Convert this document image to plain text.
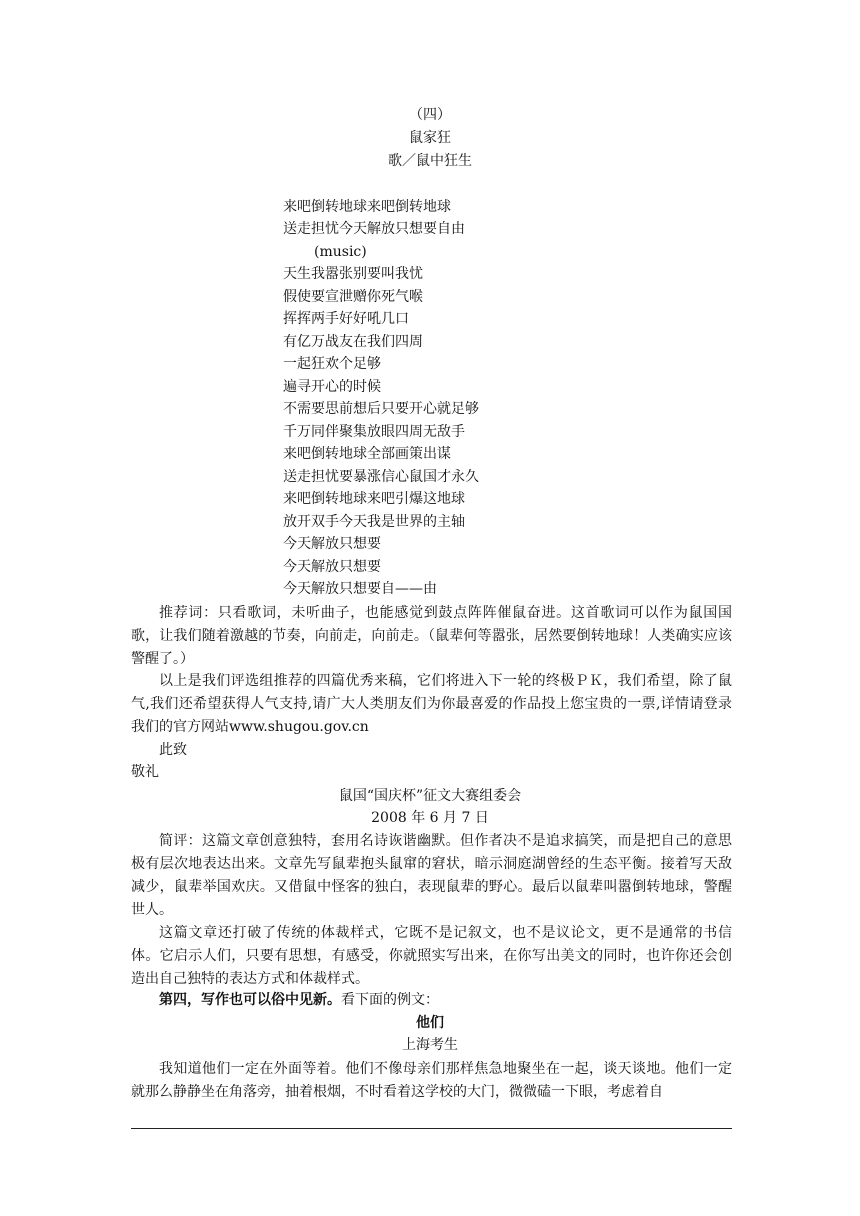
（四）
鼠家狂
歌／鼠中狂生
来吧倒转地球来吧倒转地球
送走担忧今天解放只想要自由
(music)
天生我嚣张别要叫我忧
假使要宣泄赠你死气喉
挥挥两手好好吼几口
有亿万战友在我们四周
一起狂欢个足够
遍寻开心的时候
不需要思前想后只要开心就足够
千万同伴聚集放眼四周无敌手
来吧倒转地球全部画策出谋
送走担忧要暴涨信心鼠国才永久
来吧倒转地球来吧引爆这地球
放开双手今天我是世界的主轴
今天解放只想要
今天解放只想要
今天解放只想要自——由
推荐词：只看歌词，未听曲子，也能感觉到鼓点阵阵催鼠奋进。这首歌词可以作为鼠国国歌，让我们随着激越的节奏，向前走，向前走。（鼠辈何等嚣张，居然要倒转地球！人类确实应该警醒了。）
以上是我们评选组推荐的四篇优秀来稿，它们将进入下一轮的终极ＰＫ，我们希望，除了鼠气,我们还希望获得人气支持,请广大人类朋友们为你最喜爱的作品投上您宝贵的一票,详情请登录我们的官方网站www.shugou.gov.cn
此致
敬礼
鼠国“国庆杯”征文大赛组委会
2008 年 6 月 7 日
简评：这篇文章创意独特，套用名诗诙谐幽默。但作者决不是追求搞笑，而是把自己的意思极有层次地表达出来。文章先写鼠辈抱头鼠窜的窘状，暗示洞庭湖曾经的生态平衡。接着写天敌减少，鼠辈举国欢庆。又借鼠中怪客的独白，表现鼠辈的野心。最后以鼠辈叫嚣倒转地球，警醒世人。
这篇文章还打破了传统的体裁样式，它既不是记叙文，也不是议论文，更不是通常的书信体。它启示人们，只要有思想，有感受，你就照实写出来，在你写出美文的同时，也许你还会创造出自己独特的表达方式和体裁样式。
第四，写作也可以俗中见新。看下面的例文：
他们
上海考生
我知道他们一定在外面等着。他们不像母亲们那样焦急地聚坐在一起，谈天谈地。他们一定就那么静静坐在角落旁，抽着根烟，不时看着这学校的大门，微微磕一下眼，考虑着自
